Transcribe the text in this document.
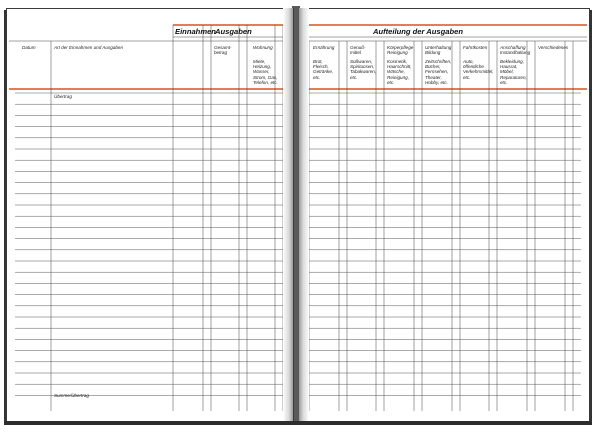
Einnahmen Ausgaben
Datum	Art der Einnahmen und Ausgaben	Gesamt-
betrag
Wohnung
Miete,
Heizung,
Wasser,
Strom, Gas,
Telefon, etc.
Übertrag
Summe/Übertrag
Aufteilung der Ausgaben
Ernährung
Brot,
Fleisch,
Getränke,
etc.
Genuß-
mittel
Süßwaren,
Spirituosen,
Tabakwaren,
etc.
Körperpflege
Reinigung
Kosmetik,
Haarschnitt,
Wäsche,
Reinigung,
etc.
Unterhaltung
Bildung
Zeitschriften,
Bücher,
Fernsehen,
Theater,
Hobby, etc.
Fahrtkosten
Auto,
öffentliche
Verkehrsmittel,
etc.
Anschaffung
Instandhaltung
Bekleidung,
Hausrat,
Möbel,
Reparaturen,
etc.
Verschiedenes
